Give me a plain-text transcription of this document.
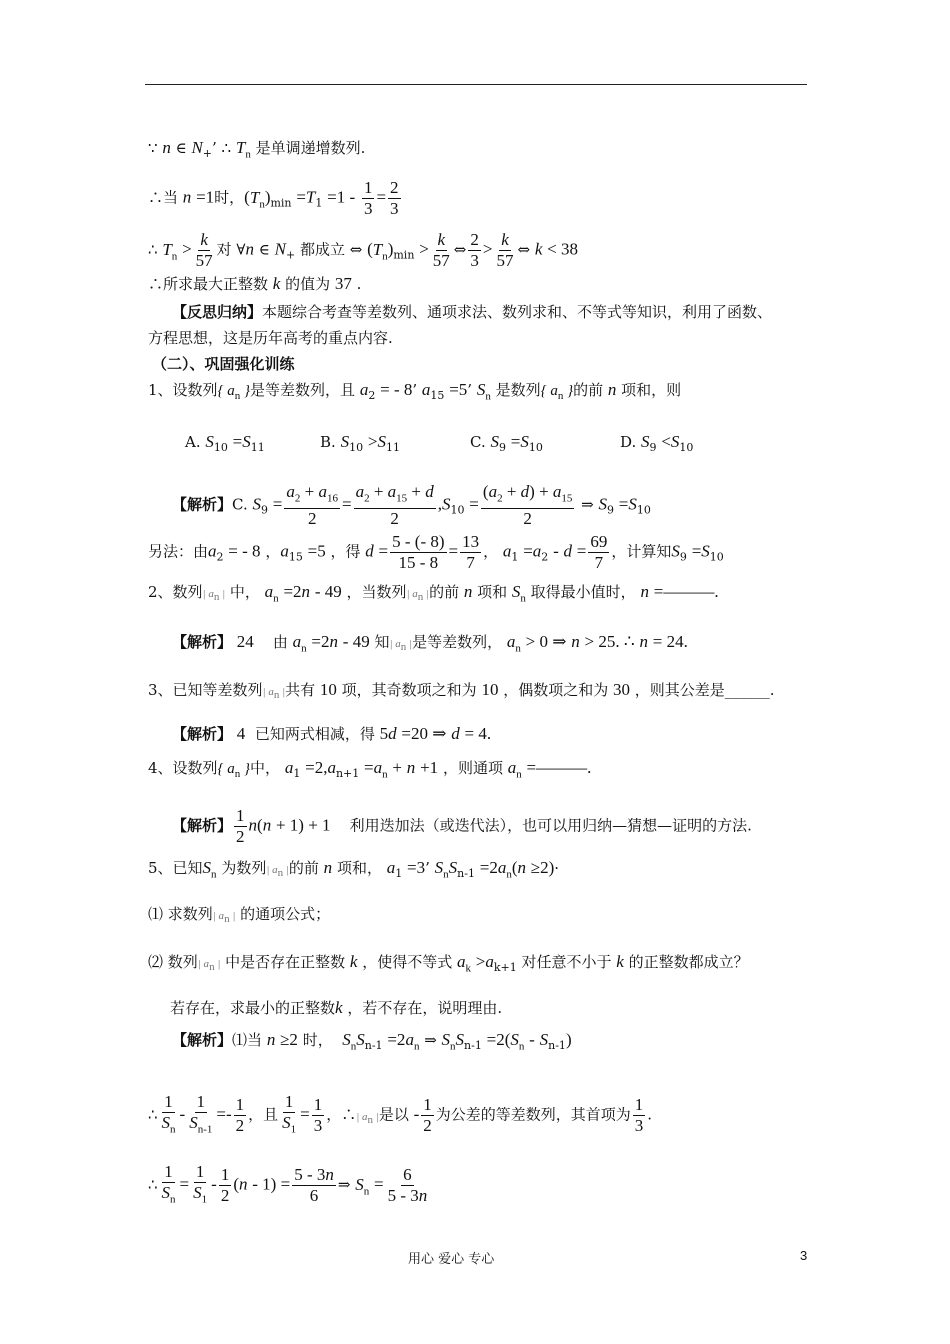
∵ n ∈ $N_+$’ ∴ $T_n$ 是单调递增数列.
∴当 n =1时，$(T_n)_{min} =T_1 =1 - \frac{1}{3} = \frac{2}{3}$
∴ $T_n > \frac{k}{57}$ 对 ∀n ∈ $N_+$ 都成立 ⇔ $(T_n)_{min} > \frac{k}{57}$ ⇔ $\frac{2}{3} > \frac{k}{57}$ ⇔ k < 38
∴所求最大正整数 k 的值为 37 .
【反思归纳】本题综合考查等差数列、通项求法、数列求和、不等式等知识，利用了函数、
方程思想，这是历年高考的重点内容.
（二）、巩固强化训练
1、设数列{ $a_n$ }是等差数列，且 $a_2$ = - 8’ $a_{15} =5$’ $S_n$ 是数列{ $a_n$ }的前 n 项和，则
A. $S_{10} =S_{11}$	B. $S_{10} >S_{11}$	C. $S_9 =S_{10}$	D. $S_9 <S_{10}$
【解析】C. $S_9 = \frac{a_2 + a_{16}}{2} = \frac{a_2 + a_{15} + d}{2} ,S_{10} = \frac{(a_2 + d) + a_{15}}{2}$ ⇒ $S_9 =S_{10}$
另法：由$a_2$ = - 8 ，$a_{15} =5$ ，得 $d = \frac{5 - (- 8)}{15 - 8} = \frac{13}{7}$ ， $a_1 =a_2 - d = \frac{69}{7}$ ，计算知$S_9 =S_{10}$
2、数列| $a_n$ | 中， $a_n =2n - 49$ ，当数列| $a_n$ |的前 n 项和 $S_n$ 取得最小值时， n =———.
【解析】 24    由 $a_n =2n - 49$ 知| $a_n$ |是等差数列， $a_n > 0$ ⇒ n > 25. ∴ n = 24.
3、已知等差数列| $a_n$ |共有 10 项，其奇数项之和为 10 ，偶数项之和为 30 ，则其公差是______.
【解析】 4  已知两式相减，得 5d =20 ⇒ d = 4.
4、设数列{ $a_n$ }中， $a_1 =2,a_{n+1} =a_n + n +1$ ，则通项 $a_n$ =———.
【解析】 $\frac{1}{2} n(n + 1) + 1$ 利用迭加法（或迭代法），也可以用归纳—猜想—证明的方法.
5、已知$S_n$ 为数列| $a_n$ |的前 n 项和， $a_1 =3$’ $S_nS_{n-1} =2a_n(n \ge 2)\cdot$
⑴ 求数列| $a_n$ | 的通项公式；
⑵ 数列| $a_n$ | 中是否存在正整数 k ，使得不等式 $a_k >a_{k+1}$ 对任意不小于 k 的正整数都成立？
若存在，求最小的正整数k ，若不存在，说明理由.
【解析】⑴当 n ≥2 时，  $S_nS_{n-1} =2a_n$ ⇒ $S_nS_{n-1} =2(S_n - S_{n-1})$
∴ $\frac{1}{S_n} - \frac{1}{S_{n-1}} =- \frac{1}{2}$ ，且 $\frac{1}{S_1} = \frac{1}{3}$ ，∴| $a_n$ |是以 - $\frac{1}{2}$ 为公差的等差数列，其首项为 $\frac{1}{3}$ .
∴ $\frac{1}{S_n} = \frac{1}{S_1} - \frac{1}{2} (n - 1) = \frac{5 - 3n}{6}$ ⇒ $S_n = \frac{6}{5 - 3n}$
用心 爱心 专心	3
